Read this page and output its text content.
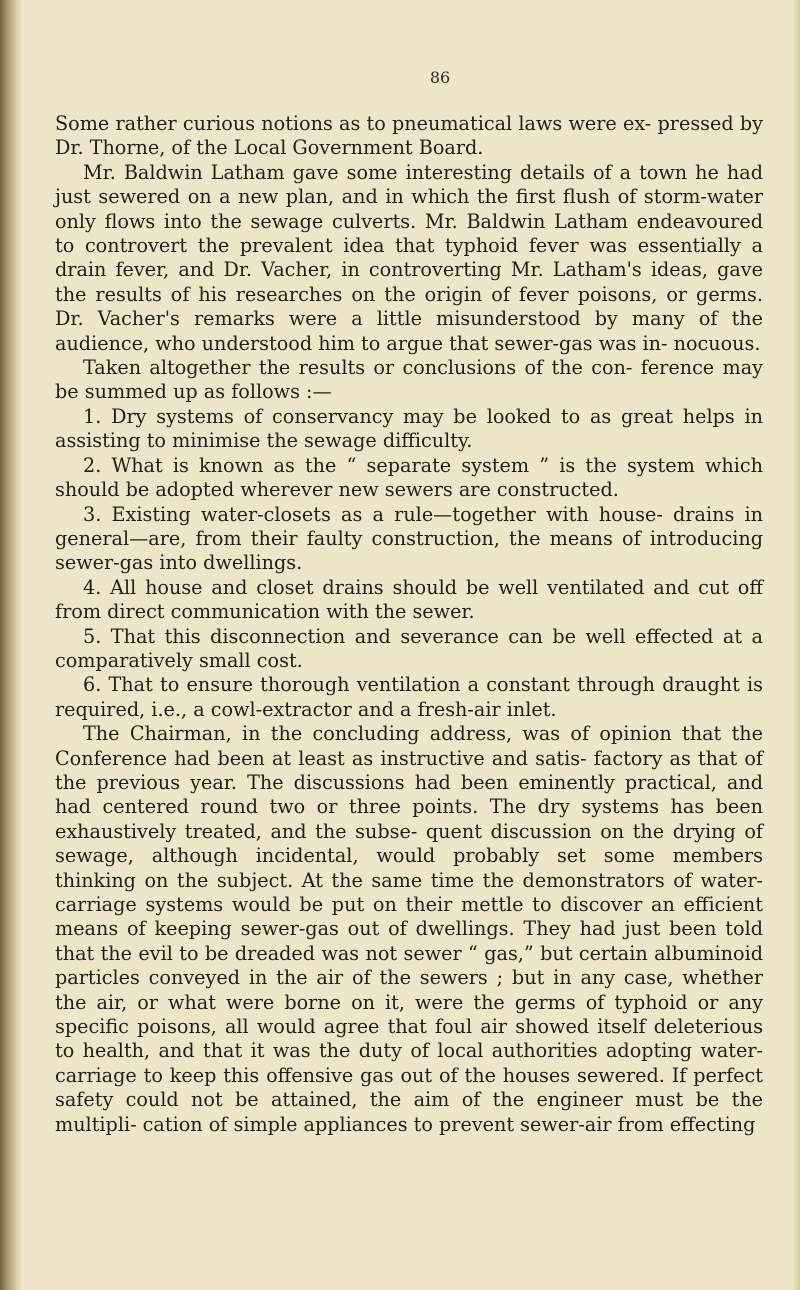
86

Some rather curious notions as to pneumatical laws were ex- pressed by Dr. Thorne, of the Local Government Board.

Mr. Baldwin Latham gave some interesting details of a town he had just sewered on a new plan, and in which the first flush of storm-water only flows into the sewage culverts. Mr. Baldwin Latham endeavoured to controvert the prevalent idea that typhoid fever was essentially a drain fever, and Dr. Vacher, in controverting Mr. Latham's ideas, gave the results of his researches on the origin of fever poisons, or germs. Dr. Vacher's remarks were a little misunderstood by many of the audience, who understood him to argue that sewer-gas was in- nocuous.

Taken altogether the results or conclusions of the con- ference may be summed up as follows :—

1. Dry systems of conservancy may be looked to as great helps in assisting to minimise the sewage difficulty.

2. What is known as the “ separate system ” is the system which should be adopted wherever new sewers are constructed.

3. Existing water-closets as a rule—together with house- drains in general—are, from their faulty construction, the means of introducing sewer-gas into dwellings.

4. All house and closet drains should be well ventilated and cut off from direct communication with the sewer.

5. That this disconnection and severance can be well effected at a comparatively small cost.

6. That to ensure thorough ventilation a constant through draught is required, i.e., a cowl-extractor and a fresh-air inlet.

The Chairman, in the concluding address, was of opinion that the Conference had been at least as instructive and satis- factory as that of the previous year. The discussions had been eminently practical, and had centered round two or three points. The dry systems has been exhaustively treated, and the subse- quent discussion on the drying of sewage, although incidental, would probably set some members thinking on the subject. At the same time the demonstrators of water-carriage systems would be put on their mettle to discover an efficient means of keeping sewer-gas out of dwellings. They had just been told that the evil to be dreaded was not sewer “ gas,” but certain albuminoid particles conveyed in the air of the sewers ; but in any case, whether the air, or what were borne on it, were the germs of typhoid or any specific poisons, all would agree that foul air showed itself deleterious to health, and that it was the duty of local authorities adopting water-carriage to keep this offensive gas out of the houses sewered. If perfect safety could not be attained, the aim of the engineer must be the multipli- cation of simple appliances to prevent sewer-air from effecting
